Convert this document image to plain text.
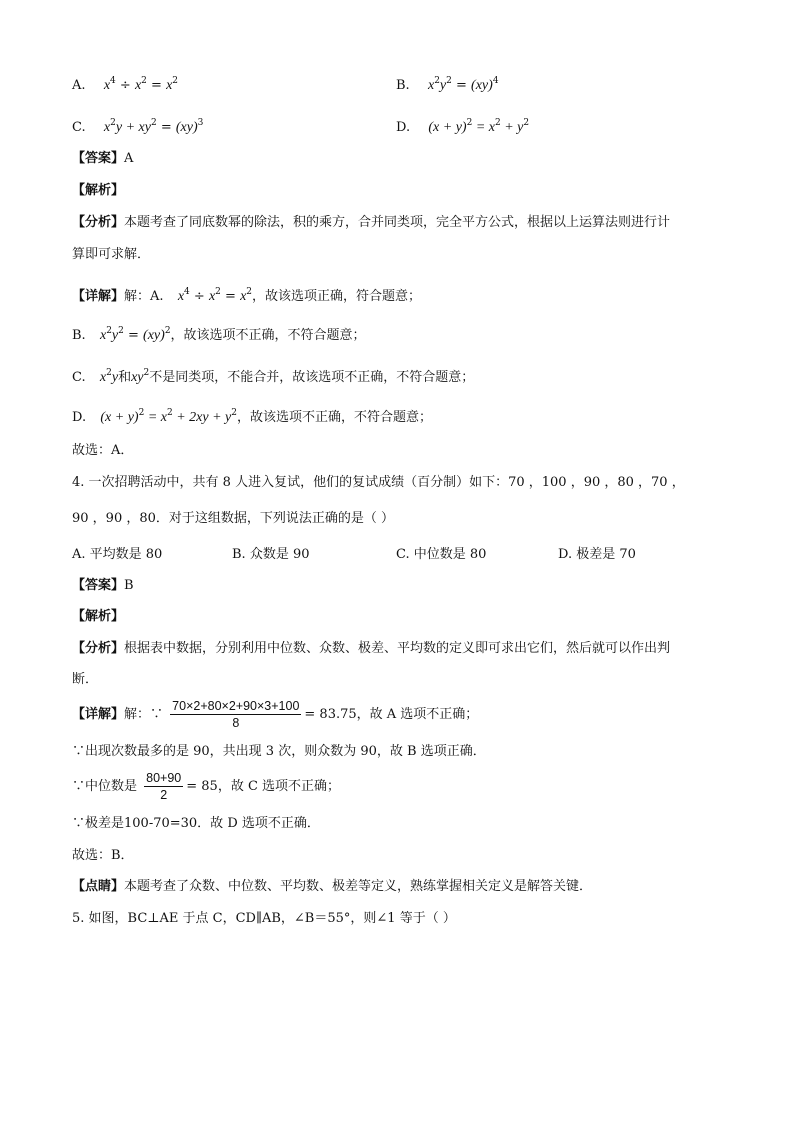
A. $x^4 \div x^2 = x^2$	B. $x^2y^2 = (xy)^4$
C. $x^2y + xy^2 = (xy)^3$	D. $(x + y)^2 = x^2 + y^2$
【答案】A
【解析】
【分析】本题考查了同底数幂的除法，积的乘方，合并同类项，完全平方公式，根据以上运算法则进行计
算即可求解．
【详解】解：A. $x^4 \div x^2 = x^2$，故该选项正确，符合题意；
B. $x^2y^2 = (xy)^2$，故该选项不正确，不符合题意；
C. $x^2y$和$xy^2$不是同类项，不能合并，故该选项不正确，不符合题意；
D. $(x + y)^2 = x^2 + 2xy + y^2$，故该选项不正确，不符合题意；
故选：A．
4. 一次招聘活动中，共有 8 人进入复试，他们的复试成绩（百分制）如下：70 ，100 ，90 ，80 ，70 ，
90 ，90 ，80．对于这组数据，下列说法正确的是（ ）
A. 平均数是 80	B. 众数是 90	C. 中位数是 80	D. 极差是 70
【答案】B
【解析】
【分析】根据表中数据，分别利用中位数、众数、极差、平均数的定义即可求出它们，然后就可以作出判
断．
【详解】解：∵ $\frac{70\times 2+80\times 2+90\times 3+100}{8} = 83.75$，故 A 选项不正确；
∵出现次数最多的是 90，共出现 3 次，则众数为 90，故 B 选项正确．
∵中位数是 $\frac{80+90}{2} = 85$，故 C 选项不正确；
∵极差是100-70=30．故 D 选项不正确．
故选：B．
【点睛】本题考查了众数、中位数、平均数、极差等定义，熟练掌握相关定义是解答关键．
5. 如图，BC⊥AE 于点 C，CD∥AB，∠B＝55°，则∠1 等于（ ）
